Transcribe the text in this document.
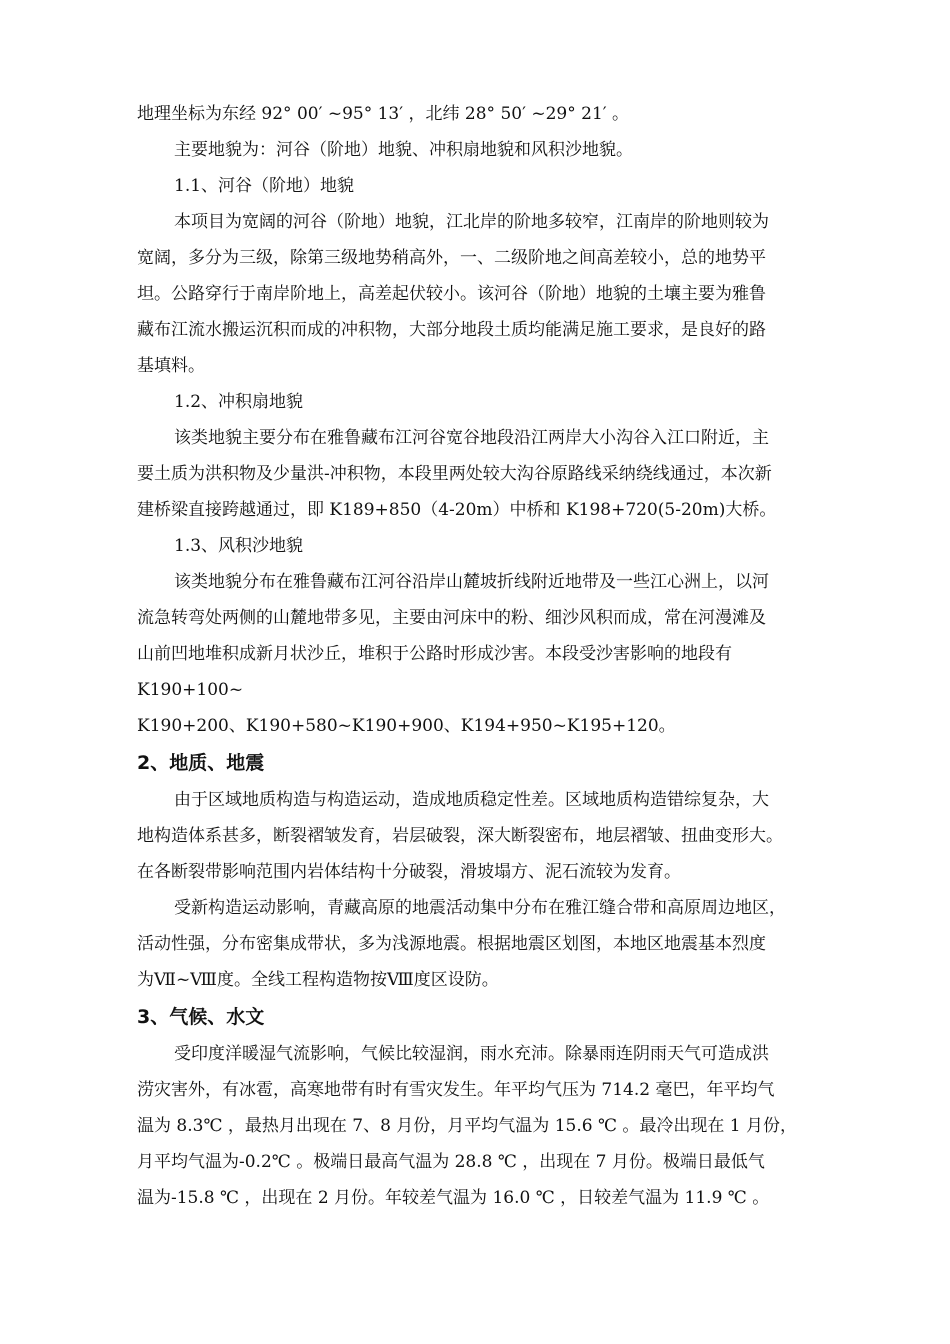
地理坐标为东经 92° 00′ ~95° 13′ ，北纬 28° 50′ ~29° 21′ 。
主要地貌为：河谷（阶地）地貌、冲积扇地貌和风积沙地貌。
1.1、河谷（阶地）地貌
本项目为宽阔的河谷（阶地）地貌，江北岸的阶地多较窄，江南岸的阶地则较为
宽阔，多分为三级，除第三级地势稍高外，一、二级阶地之间高差较小，总的地势平
坦。公路穿行于南岸阶地上，高差起伏较小。该河谷（阶地）地貌的土壤主要为雅鲁
藏布江流水搬运沉积而成的冲积物，大部分地段土质均能满足施工要求，是良好的路
基填料。
1.2、冲积扇地貌
该类地貌主要分布在雅鲁藏布江河谷宽谷地段沿江两岸大小沟谷入江口附近，主
要土质为洪积物及少量洪-冲积物，本段里两处较大沟谷原路线采纳绕线通过，本次新
建桥梁直接跨越通过，即 K189+850（4-20m）中桥和 K198+720(5-20m)大桥。
1.3、风积沙地貌
该类地貌分布在雅鲁藏布江河谷沿岸山麓坡折线附近地带及一些江心洲上，以河
流急转弯处两侧的山麓地带多见，主要由河床中的粉、细沙风积而成，常在河漫滩及
山前凹地堆积成新月状沙丘，堆积于公路时形成沙害。本段受沙害影响的地段有
K190+100~
K190+200、K190+580~K190+900、K194+950~K195+120。
2、地质、地震
由于区域地质构造与构造运动，造成地质稳定性差。区域地质构造错综复杂，大
地构造体系甚多，断裂褶皱发育，岩层破裂，深大断裂密布，地层褶皱、扭曲变形大。
在各断裂带影响范围内岩体结构十分破裂，滑坡塌方、泥石流较为发育。
受新构造运动影响，青藏高原的地震活动集中分布在雅江缝合带和高原周边地区，
活动性强，分布密集成带状，多为浅源地震。根据地震区划图，本地区地震基本烈度
为Ⅶ~Ⅷ度。全线工程构造物按Ⅷ度区设防。
3、气候、水文
受印度洋暖湿气流影响，气候比较湿润，雨水充沛。除暴雨连阴雨天气可造成洪
涝灾害外，有冰雹，高寒地带有时有雪灾发生。年平均气压为 714.2 毫巴，年平均气
温为 8.3℃ ，最热月出现在 7、8 月份，月平均气温为 15.6 ℃ 。最冷出现在 1 月份，
月平均气温为-0.2℃ 。极端日最高气温为 28.8 ℃ ，出现在 7 月份。极端日最低气
温为-15.8 ℃ ，出现在 2 月份。年较差气温为 16.0 ℃ ，日较差气温为 11.9 ℃ 。
